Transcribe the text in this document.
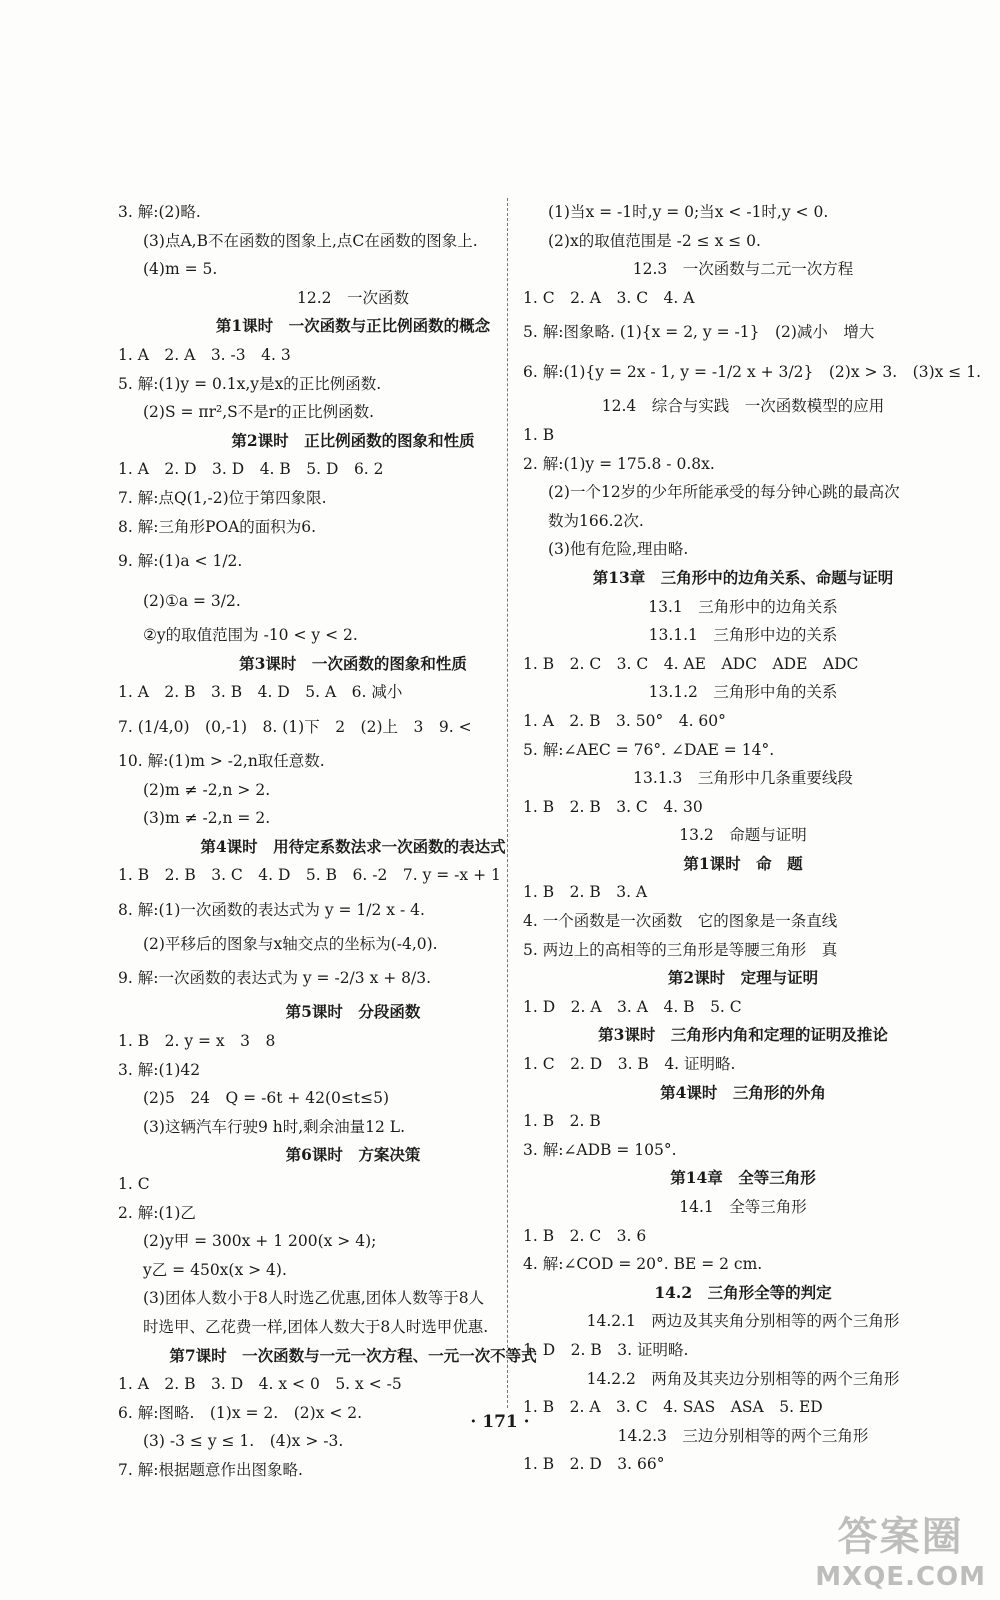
3. 解:(2)略.
(3)点A,B不在函数的图象上,点C在函数的图象上.
(4)m = 5.
12.2　一次函数
第1课时　一次函数与正比例函数的概念
1. A　2. A　3. -3　4. 3
5. 解:(1)y = 0.1x,y是x的正比例函数.
(2)S = πr²,S不是r的正比例函数.
第2课时　正比例函数的图象和性质
1. A　2. D　3. D　4. B　5. D　6. 2
7. 解:点Q(1,-2)位于第四象限.
8. 解:三角形POA的面积为6.
9. 解:(1)a < 1/2.
(2)①a = 3/2.
②y的取值范围为 -10 < y < 2.
第3课时　一次函数的图象和性质
1. A　2. B　3. B　4. D　5. A　6. 减小
7. (1/4,0)　(0,-1)　8. (1)下　2　(2)上　3　9. <
10. 解:(1)m > -2,n取任意数.
(2)m ≠ -2,n > 2.
(3)m ≠ -2,n = 2.
第4课时　用待定系数法求一次函数的表达式
1. B　2. B　3. C　4. D　5. B　6. -2　7. y = -x + 1
8. 解:(1)一次函数的表达式为 y = 1/2 x - 4.
(2)平移后的图象与x轴交点的坐标为(-4,0).
9. 解:一次函数的表达式为 y = -2/3 x + 8/3.
第5课时　分段函数
1. B　2. y = x　3　8
3. 解:(1)42
(2)5　24　Q = -6t + 42(0≤t≤5)
(3)这辆汽车行驶9 h时,剩余油量12 L.
第6课时　方案决策
1. C
2. 解:(1)乙
(2)y甲 = 300x + 1 200(x > 4);
y乙 = 450x(x > 4).
(3)团体人数小于8人时选乙优惠,团体人数等于8人
时选甲、乙花费一样,团体人数大于8人时选甲优惠.
第7课时　一次函数与一元一次方程、一元一次不等式
1. A　2. B　3. D　4. x < 0　5. x < -5
6. 解:图略.　(1)x = 2.　(2)x < 2.
(3) -3 ≤ y ≤ 1.　(4)x > -3.
7. 解:根据题意作出图象略.
(1)当x = -1时,y = 0;当x < -1时,y < 0.
(2)x的取值范围是 -2 ≤ x ≤ 0.
12.3　一次函数与二元一次方程
1. C　2. A　3. C　4. A
5. 解:图象略. (1){x = 2, y = -1}　(2)减小　增大
6. 解:(1){y = 2x - 1, y = -1/2 x + 3/2}　(2)x > 3.　(3)x ≤ 1.
12.4　综合与实践　一次函数模型的应用
1. B
2. 解:(1)y = 175.8 - 0.8x.
(2)一个12岁的少年所能承受的每分钟心跳的最高次
数为166.2次.
(3)他有危险,理由略.
第13章　三角形中的边角关系、命题与证明
13.1　三角形中的边角关系
13.1.1　三角形中边的关系
1. B　2. C　3. C　4. AE　ADC　ADE　ADC
13.1.2　三角形中角的关系
1. A　2. B　3. 50°　4. 60°
5. 解:∠AEC = 76°. ∠DAE = 14°.
13.1.3　三角形中几条重要线段
1. B　2. B　3. C　4. 30
13.2　命题与证明
第1课时　命　题
1. B　2. B　3. A
4. 一个函数是一次函数　它的图象是一条直线
5. 两边上的高相等的三角形是等腰三角形　真
第2课时　定理与证明
1. D　2. A　3. A　4. B　5. C
第3课时　三角形内角和定理的证明及推论
1. C　2. D　3. B　4. 证明略.
第4课时　三角形的外角
1. B　2. B
3. 解:∠ADB = 105°.
第14章　全等三角形
14.1　全等三角形
1. B　2. C　3. 6
4. 解:∠COD = 20°. BE = 2 cm.
14.2　三角形全等的判定
14.2.1　两边及其夹角分别相等的两个三角形
1. D　2. B　3. 证明略.
14.2.2　两角及其夹边分别相等的两个三角形
1. B　2. A　3. C　4. SAS　ASA　5. ED
14.2.3　三边分别相等的两个三角形
1. B　2. D　3. 66°
· 171 ·
答案圈
MXQE.COM
